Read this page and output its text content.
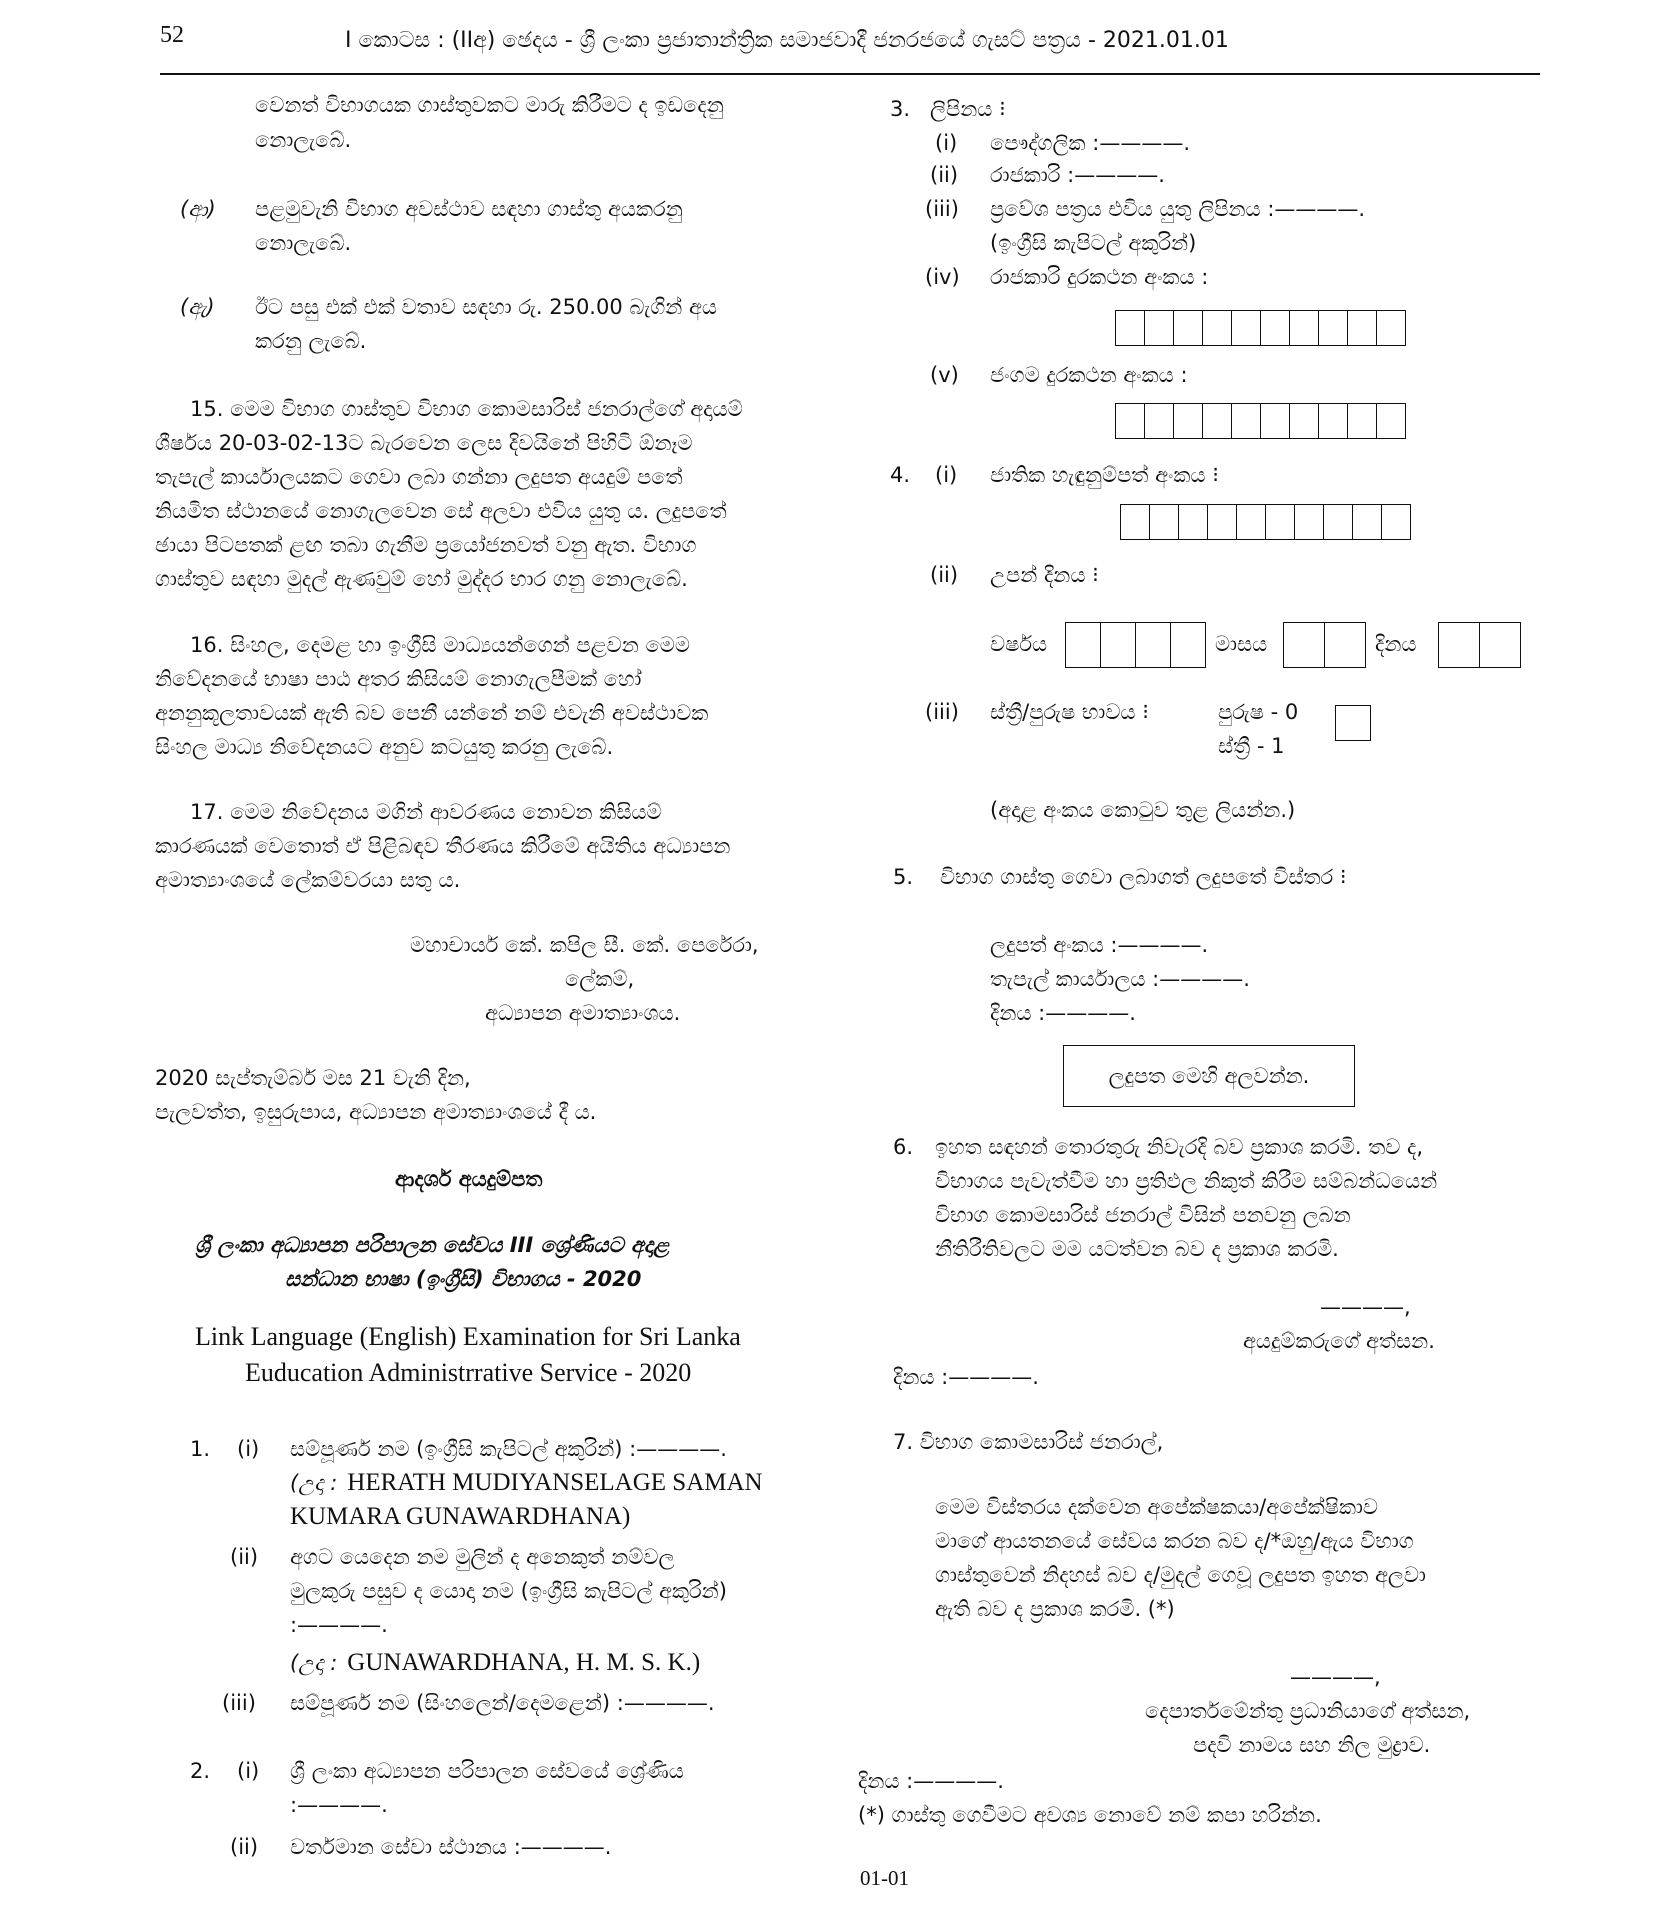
52	I කොටස : (IIඅ) ඡෙදය - ශ්‍රී ලංකා ප්‍රජාතාන්ත්‍රික සමාජවාදී ජනරජයේ ගැසට් පත්‍රය - 2021.01.01
වෙනත් විභාගයක ගාස්තුවකට මාරු කිරීමට ද ඉඩදෙනු
නොලැබේ.
(ආ) පළමුවැනි විභාග අවස්ථාව සඳහා ගාස්තු අයකරනු
නොලැබේ.
(ඇ) ඊට පසු එක් එක් වතාව සඳහා රු. 250.00 බැගින් අය
කරනු ලැබේ.
15. මෙම විභාග ගාස්තුව විභාග කොමසාරිස් ජනරාල්ගේ අදායම්
ශීර්ෂය 20-03-02-13ට බැරවෙන ලෙස දිවයිනේ පිහිටි ඕනෑම
තැපැල් කාර්යාලයකට ගෙවා ලබා ගන්නා ලදුපත අයදුම් පතේ
නියමිත ස්ථානයේ නොගැලවෙන සේ අලවා එවිය යුතු ය. ලදුපතේ
ඡායා පිටපතක් ළඟ තබා ගැනීම ප්‍රයෝජනවත් වනු ඇත. විභාග
ගාස්තුව සඳහා මුදල් ඇණවුම් හෝ මුද්දර භාර ගනු නොලැබේ.
16. සිංහල, දෙමළ හා ඉංග්‍රීසි මාධ්‍යයන්ගෙන් පළවන මෙම
නිවේදනයේ භාෂා පාඨ අතර කිසියම් නොගැලපීමක් හෝ
අනනුකූලතාවයක් ඇති බව පෙනී යන්නේ නම් එවැනි අවස්ථාවක
සිංහල මාධ්‍ය නිවේදනයට අනුව කටයුතු කරනු ලැබේ.
17. මෙම නිවේදනය මගින් ආවරණය නොවන කිසියම්
කාරණයක් වෙතොත් ඒ පිළිබඳව තීරණය කිරීමේ අයිතිය අධ්‍යාපන
අමාත්‍යාංශයේ ලේකම්වරයා සතු ය.
මහාචාර්ය කේ. කපිල සී. කේ. පෙරේරා,
ලේකම්,
අධ්‍යාපන අමාත්‍යාංශය.
2020 සැප්තැම්බර් මස 21 වැනි දින,
පැලවත්ත, ඉසුරුපාය, අධ්‍යාපන අමාත්‍යාංශයේ දී ය.
ආදර්ශ අයදුම්පත
ශ්‍රී ලංකා අධ්‍යාපන පරිපාලන සේවය III ශ්‍රේණියට අදාළ
සන්ධාන භාෂා (ඉංග්‍රීසි) විභාගය - 2020
Link Language (English) Examination for Sri Lanka
Euducation Administrrative Service - 2020
1. (i) සම්පූර්ණ නම (ඉංග්‍රීසි කැපිටල් අකුරින්) :————.
(උදා : HERATH MUDIYANSELAGE SAMAN
KUMARA GUNAWARDHANA)
(ii) අගට යෙදෙන නම මුලින් ද අනෙකුත් නම්වල
මුලකුරු පසුව ද යොදා නම (ඉංග්‍රීසි කැපිටල් අකුරින්)
:————.
(උදා : GUNAWARDHANA, H. M. S. K.)
(iii) සම්පූර්ණ නම (සිංහලෙන්/දෙමළෙන්) :————.
2. (i) ශ්‍රී ලංකා අධ්‍යාපන පරිපාලන සේවයේ ශ්‍රේණිය
:————.
(ii) වර්තමාන සේවා ස්ථානය :————.
3. ලිපිනය ⁝
(i) පෞද්ගලික :————.
(ii) රාජකාරි :————.
(iii) ප්‍රවේශ පත්‍රය එවිය යුතු ලිපිනය :————.
(ඉංග්‍රීසි කැපිටල් අකුරින්)
(iv) රාජකාරි දුරකථන අංකය :
(v) ජංගම දුරකථන අංකය :
4. (i) ජාතික හැඳුනුම්පත් අංකය ⁝
(ii) උපන් දිනය ⁝
වර්ෂය	මාසය	දිනය
(iii) ස්ත්‍රී/පුරුෂ භාවය ⁝	පුරුෂ - 0
ස්ත්‍රී - 1
(අදාළ අංකය කොටුව තුළ ලියන්න.)
5. විභාග ගාස්තු ගෙවා ලබාගත් ලදුපතේ විස්තර ⁝
ලදුපත් අංකය :————.
තැපැල් කාර්යාලය :————.
දිනය :————.
ලදුපත මෙහි අලවන්න.
6. ඉහත සඳහන් තොරතුරු නිවැරදි බව ප්‍රකාශ කරමි. තව ද,
විභාගය පැවැත්වීම හා ප්‍රතිඵල නිකුත් කිරීම සම්බන්ධයෙන්
විභාග කොමසාරිස් ජනරාල් විසින් පනවනු ලබන
නීතිරීතිවලට මම යටත්වන බව ද ප්‍රකාශ කරමි.
————,
අයදුම්කරුගේ අත්සන.
දිනය :————.
7. විභාග කොමසාරිස් ජනරාල්,
මෙම විස්තරය දක්වෙන අපේක්ෂකයා/අපේක්ෂිකාව
මාගේ ආයතනයේ සේවය කරන බව ද/*ඔහු/ඇය විභාග
ගාස්තුවෙන් නිදහස් බව ද/මුදල් ගෙවූ ලදුපත ඉහත අලවා
ඇති බව ද ප්‍රකාශ කරමි. (*)
————,
දෙපාර්තමේන්තු ප්‍රධානියාගේ අත්සන,
පදවි නාමය සහ නිල මුද්‍රාව.
දිනය :————.
(*) ගාස්තු ගෙවීමට අවශ්‍ය නොවේ නම් කපා හරින්න.
01-01
